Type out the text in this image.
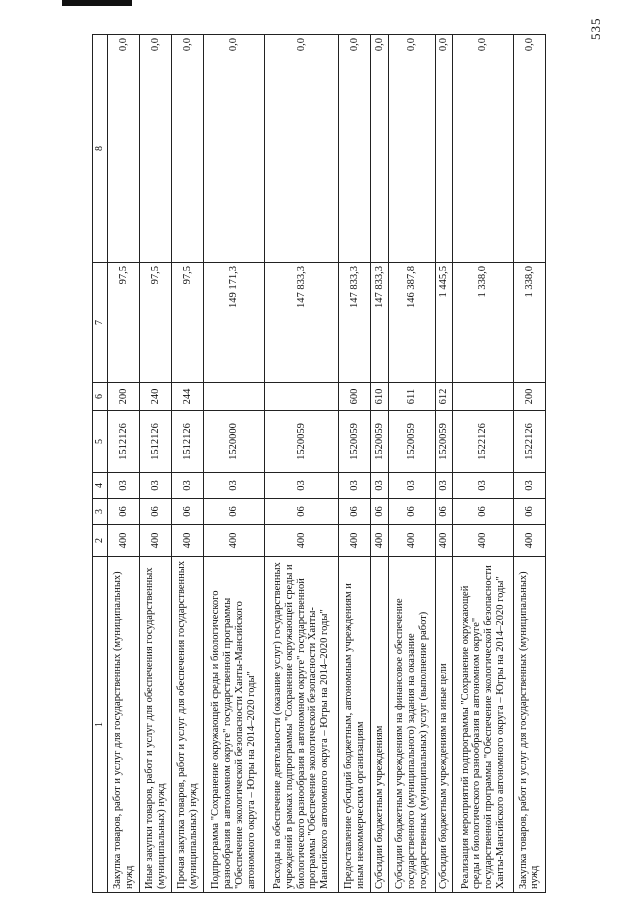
535
1	2	3	4	5	6	7	8
Закупка товаров, работ и услуг для государственных (муниципальных) нужд	400	06	03	1512126	200	97,5	0,0
Иные закупки товаров, работ и услуг для обеспечения государственных (муниципальных) нужд	400	06	03	1512126	240	97,5	0,0
Прочая закупка товаров, работ и услуг для обеспечения государственных (муниципальных) нужд	400	06	03	1512126	244	97,5	0,0
Подпрограмма "Сохранение окружающей среды и биологического разнообразия в автономном округе" государственной программы "Обеспечение экологической безопасности Ханты-Мансийского автономного округа – Югры на 2014–2020 годы"	400	06	03	1520000		149 171,3	0,0
Расходы на обеспечение деятельности (оказание услуг) государственных учреждений в рамках подпрограммы "Сохранение окружающей среды и биологического разнообразия в автономном округе" государственной программы "Обеспечение экологической безопасности Ханты-Мансийского автономного округа – Югры на 2014–2020 годы"	400	06	03	1520059		147 833,3	0,0
Предоставление субсидий бюджетным, автономным учреждениям и иным некоммерческим организациям	400	06	03	1520059	600	147 833,3	0,0
Субсидии бюджетным учреждениям	400	06	03	1520059	610	147 833,3	0,0
Субсидии бюджетным учреждениям на финансовое обеспечение государственного (муниципального) задания на оказание государственных (муниципальных) услуг (выполнение работ)	400	06	03	1520059	611	146 387,8	0,0
Субсидии бюджетным учреждениям на иные цели	400	06	03	1520059	612	1 445,5	0,0
Реализация мероприятий подпрограммы "Сохранение окружающей среды и биологического разнообразия в автономном округе" государственной программы "Обеспечение экологической безопасности Ханты-Мансийского автономного округа – Югры на 2014–2020 годы"	400	06	03	1522126		1 338,0	0,0
Закупка товаров, работ и услуг для государственных (муниципальных) нужд	400	06	03	1522126	200	1 338,0	0,0
